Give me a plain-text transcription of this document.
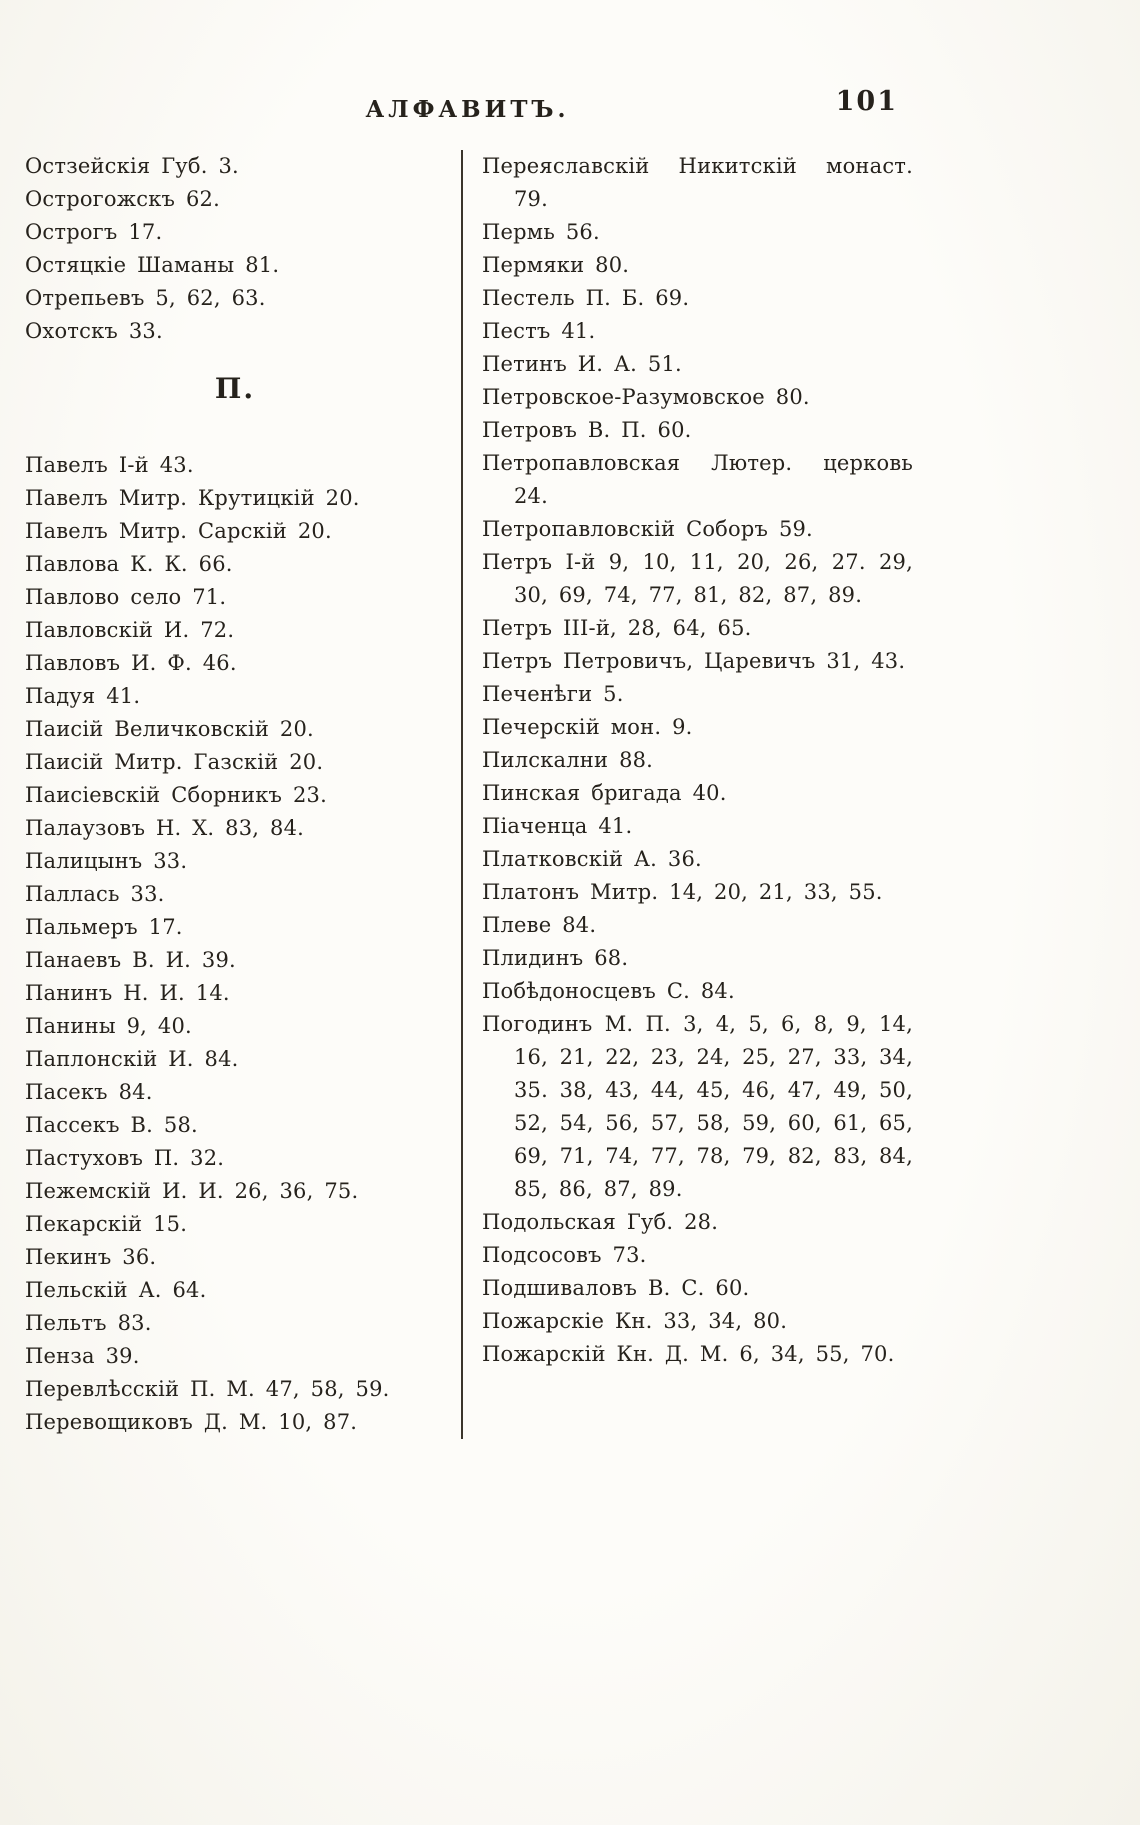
АЛФАВИТЪ.	101

Остзейскія Губ. 3.

Острогожскъ 62.

Острогъ 17.

Остяцкіе Шаманы 81.

Отрепьевъ 5, 62, 63.

Охотскъ 33.

П.

Павелъ I-й 43.

Павелъ Митр. Крутицкій 20.

Павелъ Митр. Сарскій 20.

Павлова К. К. 66.

Павлово село 71.

Павловскій И. 72.

Павловъ И. Ф. 46.

Падуя 41.

Паисій Величковскій 20.

Паисій Митр. Газскій 20.

Паисіевскій Сборникъ 23.

Палаузовъ Н. Х. 83, 84.

Палицынъ 33.

Паллась 33.

Пальмеръ 17.

Панаевъ В. И. 39.

Панинъ Н. И. 14.

Панины 9, 40.

Паплонскій И. 84.

Пасекъ 84.

Пассекъ В. 58.

Пастуховъ П. 32.

Пежемскій И. И. 26, 36, 75.

Пекарскій 15.

Пекинъ 36.

Пельскій А. 64.

Пельтъ 83.

Пенза 39.

Перевлѣсскій П. М. 47, 58, 59.

Перевощиковъ Д. М. 10, 87.

Переяславскій Никитскій монаст. 79.

Пермь 56.

Пермяки 80.

Пестель П. Б. 69.

Пестъ 41.

Петинъ И. А. 51.

Петровское-Разумовское 80.

Петровъ В. П. 60.

Петропавловская Лютер. церковь 24.

Петропавловскій Соборъ 59.

Петръ I-й 9, 10, 11, 20, 26, 27. 29, 30, 69, 74, 77, 81, 82, 87, 89.

Петръ III-й, 28, 64, 65.

Петръ Петровичъ, Царевичъ 31, 43.

Печенѣги 5.

Печерскій мон. 9.

Пилскални 88.

Пинская бригада 40.

Піаченца 41.

Платковскій А. 36.

Платонъ Митр. 14, 20, 21, 33, 55.

Плеве 84.

Плидинъ 68.

Побѣдоносцевъ С. 84.

Погодинъ М. П. 3, 4, 5, 6, 8, 9, 14, 16, 21, 22, 23, 24, 25, 27, 33, 34, 35. 38, 43, 44, 45, 46, 47, 49, 50, 52, 54, 56, 57, 58, 59, 60, 61, 65, 69, 71, 74, 77, 78, 79, 82, 83, 84, 85, 86, 87, 89.

Подольская Губ. 28.

Подсосовъ 73.

Подшиваловъ В. С. 60.

Пожарскіе Кн. 33, 34, 80.

Пожарскій Кн. Д. М. 6, 34, 55, 70.
